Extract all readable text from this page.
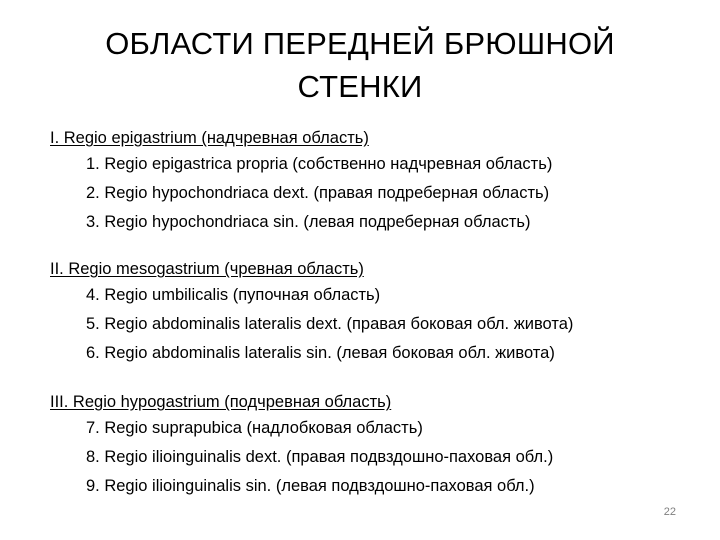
ОБЛАСТИ ПЕРЕДНЕЙ БРЮШНОЙ
СТЕНКИ
I. Regio epigastrium (надчревная область)
1. Regio epigastrica propria (собственно надчревная область)
2. Regio hypochondriaca dext. (правая подреберная область)
3. Regio hypochondriaca sin. (левая подреберная область)
II. Regio mesogastrium (чревная область)
4. Regio umbilicalis (пупочная область)
5. Regio abdominalis lateralis dext. (правая боковая обл. живота)
6. Regio abdominalis lateralis sin. (левая боковая обл. живота)
III. Regio hypogastrium (подчревная область)
7. Regio suprapubica (надлобковая область)
8. Regio ilioinguinalis dext. (правая подвздошно-паховая обл.)
9. Regio ilioinguinalis sin. (левая подвздошно-паховая обл.)
22
